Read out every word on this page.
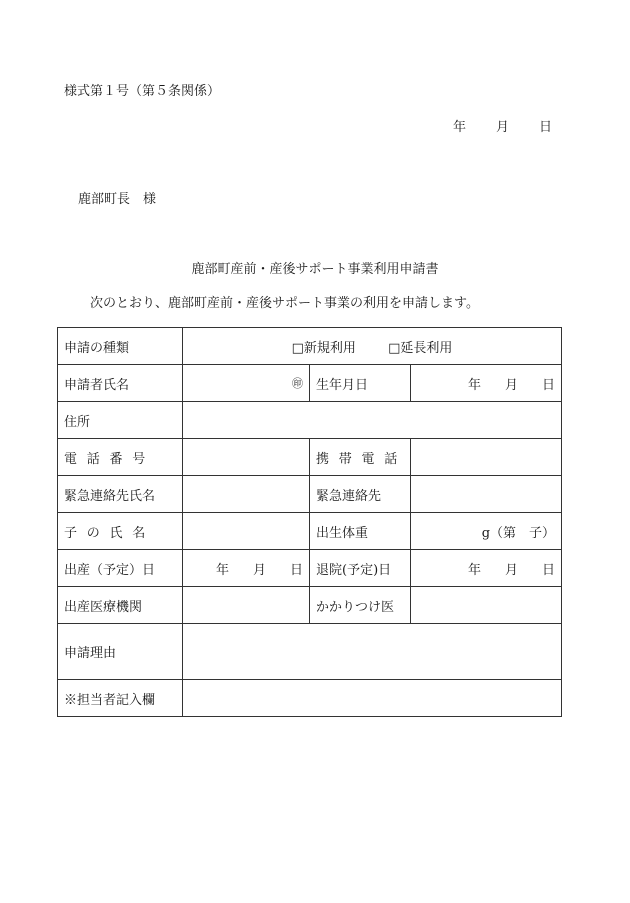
様式第１号（第５条関係）
年 月 日
鹿部町長　様
鹿部町産前・産後サポート事業利用申請書
次のとおり、鹿部町産前・産後サポート事業の利用を申請します。
申請の種類	□新規利用 □延長利用		
申請者氏名	㊞	生年月日	年 月 日
住所			
電話番号		携帯電話	
緊急連絡先氏名		緊急連絡先	
子の氏名		出生体重	g（第　子）
出産（予定）日	年 月 日	退院(予定)日	年 月 日
出産医療機関		かかりつけ医	
申請理由			
※担当者記入欄			
